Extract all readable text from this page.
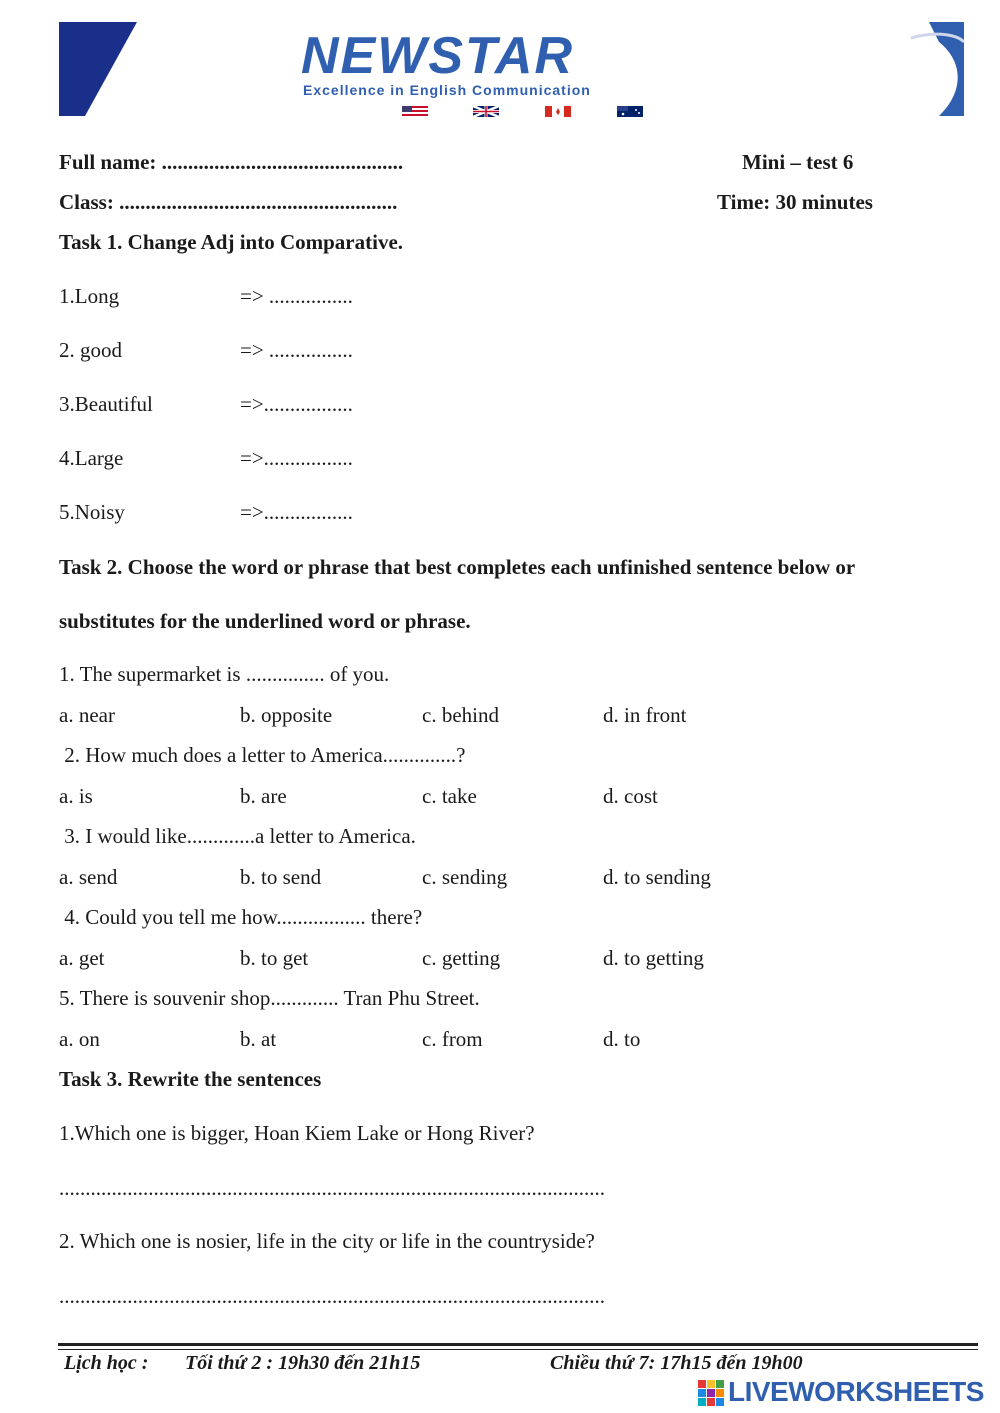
NEWSTAR
Excellence in English Communication
Full name: ..............................................	Mini – test 6
Class: .....................................................	Time: 30 minutes
Task 1. Change Adj into Comparative.
1.Long	=> ................
2. good	=> ................
3.Beautiful	=>.................
4.Large	=>.................
5.Noisy	=>.................
Task 2. Choose the word or phrase that best completes each unfinished sentence below or
substitutes for the underlined word or phrase.
1. The supermarket is ............... of you.
a. near	b. opposite	c. behind	d. in front
2. How much does a letter to America..............?
a. is	b. are	c. take	d. cost
3. I would like.............a letter to America.
a. send	b. to send	c. sending	d. to sending
4. Could you tell me how................. there?
a. get	b. to get	c. getting	d. to getting
5. There is souvenir shop............. Tran Phu Street.
a. on	b. at	c. from	d. to
Task 3. Rewrite the sentences
1.Which one is bigger, Hoan Kiem Lake or Hong River?
........................................................................................................
2. Which one is nosier, life in the city or life in the countryside?
........................................................................................................
Lịch học : Tối thứ 2 : 19h30 đến 21h15	Chiều thứ 7: 17h15 đến 19h00
LIVEWORKSHEETS
